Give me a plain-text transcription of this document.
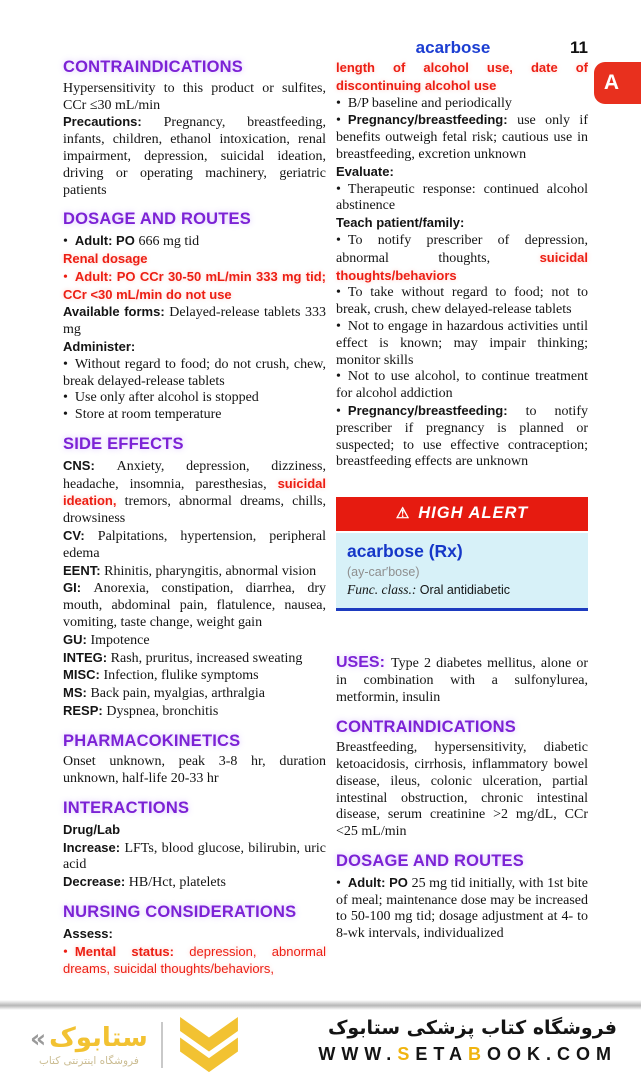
acarbose	11
A
CONTRAINDICATIONS
Hypersensitivity to this product or sulfites, CCr ≤30 mL/min
Precautions: Pregnancy, breastfeeding, infants, children, ethanol intoxication, renal impairment, depression, suicidal ideation, driving or operating machinery, geriatric patients
DOSAGE AND ROUTES
• Adult: PO 666 mg tid
Renal dosage
• Adult: PO CCr 30-50 mL/min 333 mg tid; CCr <30 mL/min do not use
Available forms: Delayed-release tablets 333 mg
Administer:
• Without regard to food; do not crush, chew, break delayed-release tablets
• Use only after alcohol is stopped
• Store at room temperature
SIDE EFFECTS
CNS: Anxiety, depression, dizziness, headache, insomnia, paresthesias, suicidal ideation, tremors, abnormal dreams, chills, drowsiness
CV: Palpitations, hypertension, peripheral edema
EENT: Rhinitis, pharyngitis, abnormal vision
GI: Anorexia, constipation, diarrhea, dry mouth, abdominal pain, flatulence, nausea, vomiting, taste change, weight gain
GU: Impotence
INTEG: Rash, pruritus, increased sweating
MISC: Infection, flulike symptoms
MS: Back pain, myalgias, arthralgia
RESP: Dyspnea, bronchitis
PHARMACOKINETICS
Onset unknown, peak 3-8 hr, duration unknown, half-life 20-33 hr
INTERACTIONS
Drug/Lab
Increase: LFTs, blood glucose, bilirubin, uric acid
Decrease: HB/Hct, platelets
NURSING CONSIDERATIONS
Assess:
• Mental status: depression, abnormal dreams, suicidal thoughts/behaviors,
length of alcohol use, date of discontinuing alcohol use
• B/P baseline and periodically
• Pregnancy/breastfeeding: use only if benefits outweigh fetal risk; cautious use in breastfeeding, excretion unknown
Evaluate:
• Therapeutic response: continued alcohol abstinence
Teach patient/family:
• To notify prescriber of depression, abnormal thoughts, suicidal thoughts/behaviors
• To take without regard to food; not to break, crush, chew delayed-release tablets
• Not to engage in hazardous activities until effect is known; may impair thinking; monitor skills
• Not to use alcohol, to continue treatment for alcohol addiction
• Pregnancy/breastfeeding: to notify prescriber if pregnancy is planned or suspected; to use effective contraception; breastfeeding effects are unknown
⚠ HIGH ALERT
acarbose (Rx)
(ay-car′bose)
Func. class.: Oral antidiabetic
USES: Type 2 diabetes mellitus, alone or in combination with a sulfonylurea, metformin, insulin
CONTRAINDICATIONS
Breastfeeding, hypersensitivity, diabetic ketoacidosis, cirrhosis, inflammatory bowel disease, ileus, colonic ulceration, partial intestinal obstruction, chronic intestinal disease, serum creatinine >2 mg/dL, CCr <25 mL/min
DOSAGE AND ROUTES
• Adult: PO 25 mg tid initially, with 1st bite of meal; maintenance dose may be increased to 50-100 mg tid; dosage adjustment at 4- to 8-wk intervals, individualized
« ستابوک
فروشگاه اینترنتی کتاب
فروشگاه کتاب پزشکی ستابوک
WWW.SETABOOK.COM
